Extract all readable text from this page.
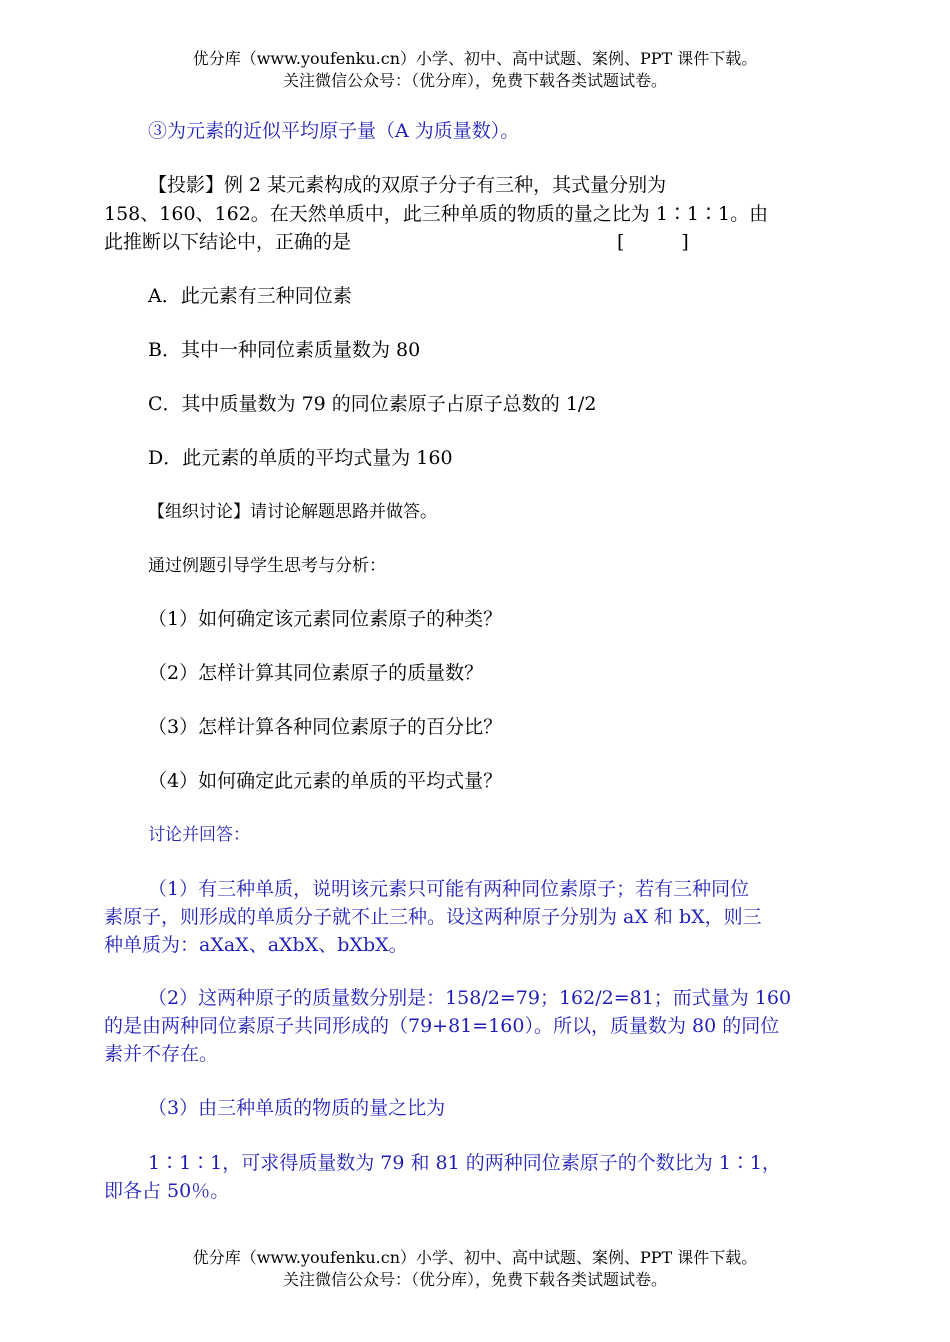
优分库（www.youfenku.cn）小学、初中、高中试题、案例、PPT 课件下载。
关注微信公众号：（优分库），免费下载各类试题试卷。
③为元素的近似平均原子量（A 为质量数）。
【投影】例 2 某元素构成的双原子分子有三种，其式量分别为
158、160、162。在天然单质中，此三种单质的物质的量之比为 1∶1∶1。由
此推断以下结论中，正确的是	[　　　]
A．此元素有三种同位素
B．其中一种同位素质量数为 80
C．其中质量数为 79 的同位素原子占原子总数的 1/2
D．此元素的单质的平均式量为 160
【组织讨论】请讨论解题思路并做答。
通过例题引导学生思考与分析：
（1）如何确定该元素同位素原子的种类？
（2）怎样计算其同位素原子的质量数？
（3）怎样计算各种同位素原子的百分比？
（4）如何确定此元素的单质的平均式量？
讨论并回答：
（1）有三种单质，说明该元素只可能有两种同位素原子；若有三种同位
素原子，则形成的单质分子就不止三种。设这两种原子分别为 aX 和 bX，则三
种单质为：aXaX、aXbX、bXbX。
（2）这两种原子的质量数分别是：158/2=79；162/2=81；而式量为 160
的是由两种同位素原子共同形成的（79+81=160）。所以，质量数为 80 的同位
素并不存在。
（3）由三种单质的物质的量之比为
1∶1∶1，可求得质量数为 79 和 81 的两种同位素原子的个数比为 1∶1，
即各占 50％。
优分库（www.youfenku.cn）小学、初中、高中试题、案例、PPT 课件下载。
关注微信公众号：（优分库），免费下载各类试题试卷。
